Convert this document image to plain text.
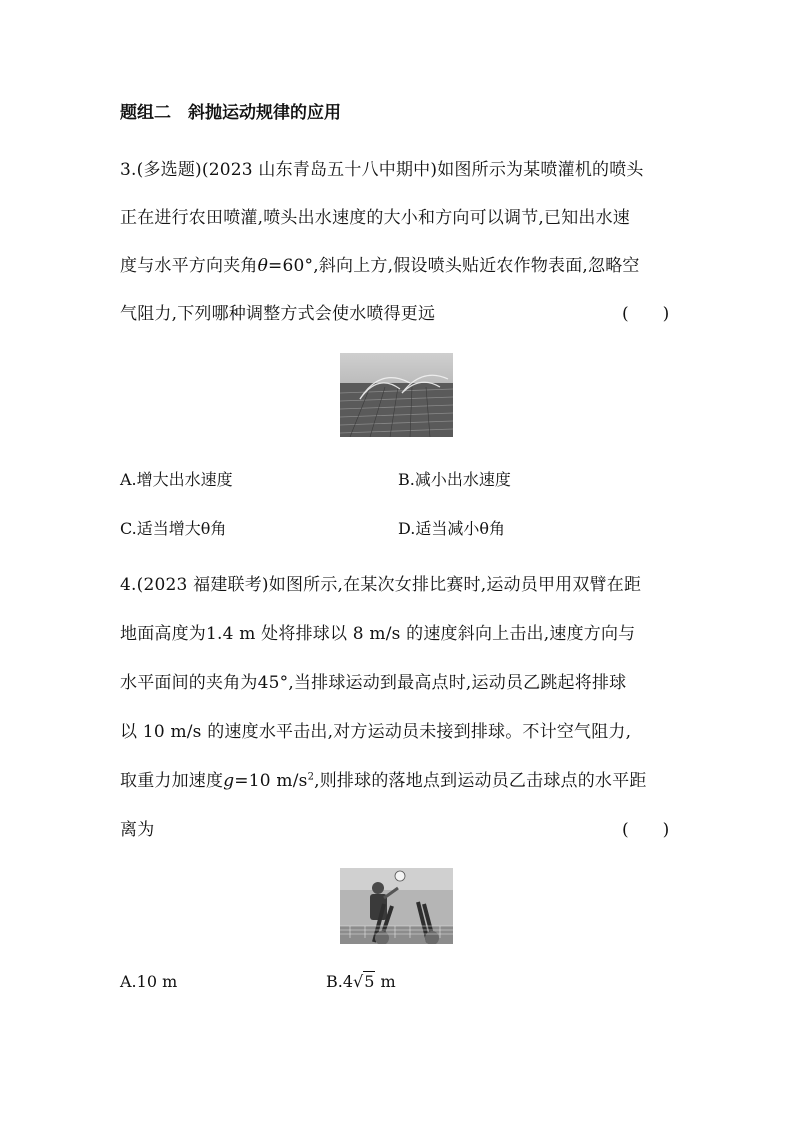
题组二　斜抛运动规律的应用
3.(多选题)(2023 山东青岛五十八中期中)如图所示为某喷灌机的喷头
正在进行农田喷灌,喷头出水速度的大小和方向可以调节,已知出水速
度与水平方向夹角θ=60°,斜向上方,假设喷头贴近农作物表面,忽略空
气阻力,下列哪种调整方式会使水喷得更远	(　　)
A.增大出水速度	B.减小出水速度
C.适当增大θ角	D.适当减小θ角
4.(2023 福建联考)如图所示,在某次女排比赛时,运动员甲用双臂在距
地面高度为1.4 m 处将排球以 8 m/s 的速度斜向上击出,速度方向与
水平面间的夹角为45°,当排球运动到最高点时,运动员乙跳起将排球
以 10 m/s 的速度水平击出,对方运动员未接到排球。不计空气阻力,
取重力加速度g=10 $m/s^2$,则排球的落地点到运动员乙击球点的水平距
离为	(　　)
A.10 m	B.4√5 m
